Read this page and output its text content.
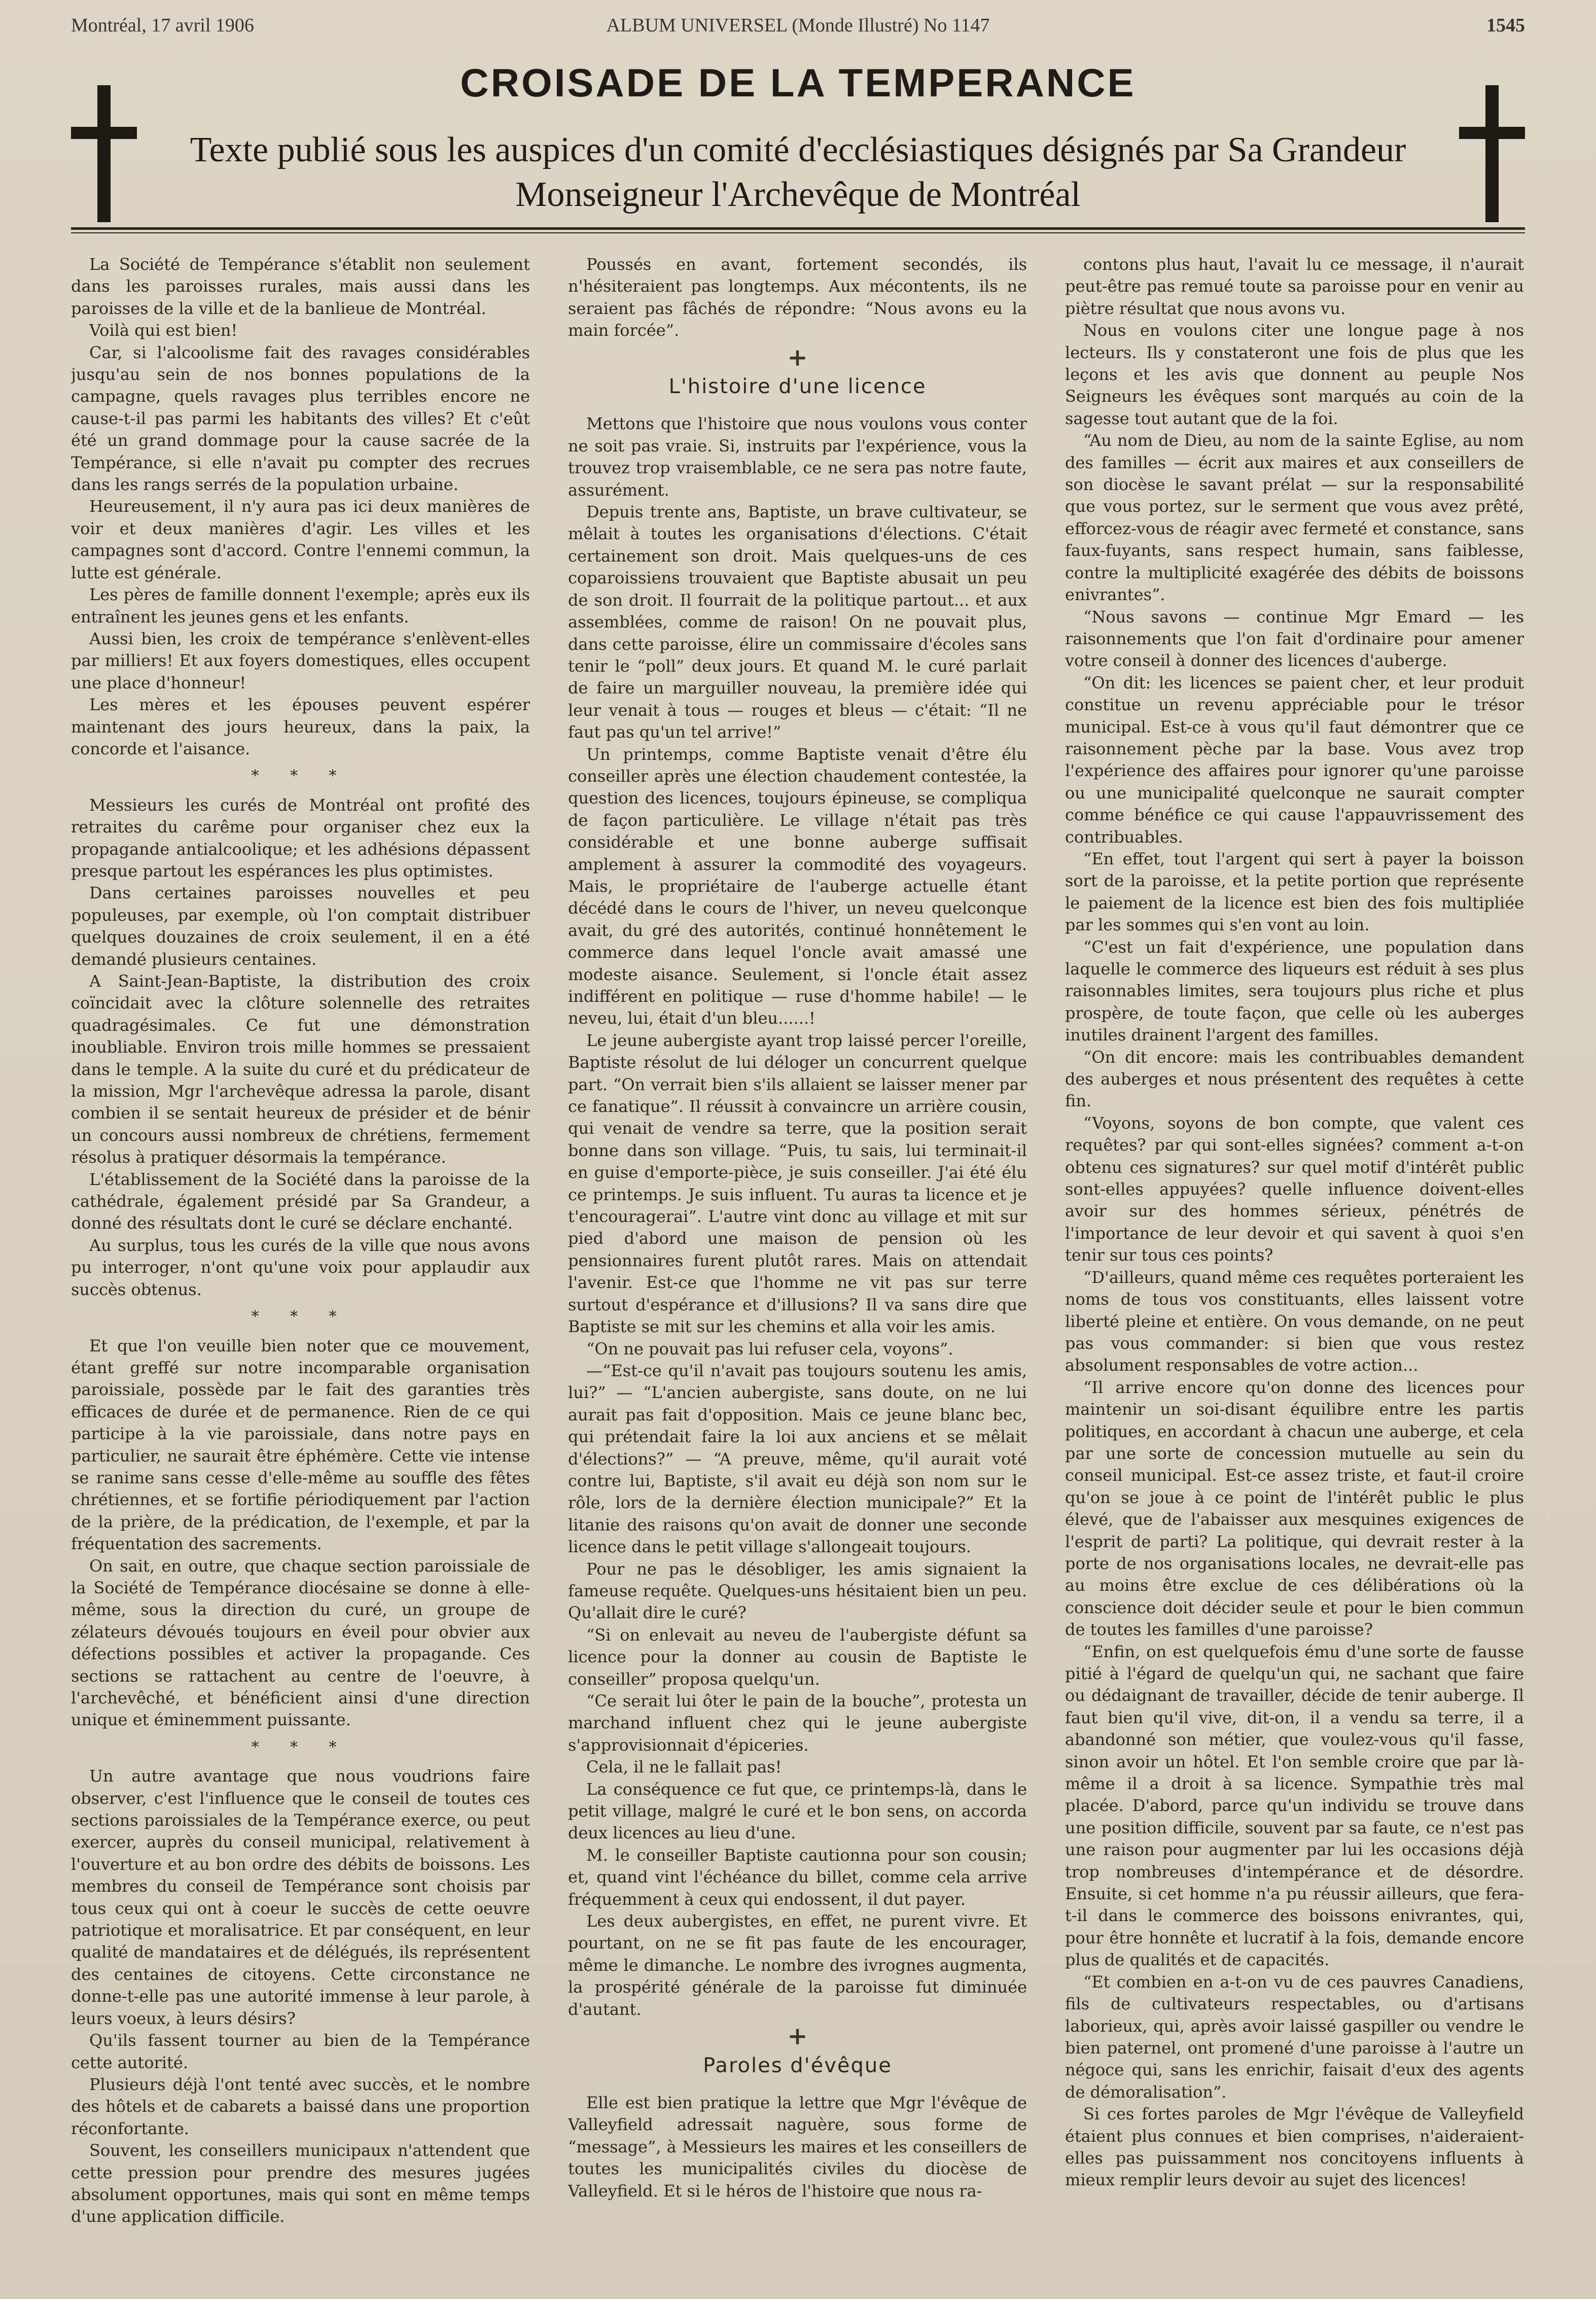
Montréal, 17 avril 1906	ALBUM UNIVERSEL (Monde Illustré) No 1147	1545
CROISADE DE LA TEMPERANCE
Texte publié sous les auspices d'un comité d'ecclésiastiques désignés par Sa Grandeur
Monseigneur l'Archevêque de Montréal

La Société de Tempérance s'établit non seulement dans les paroisses rurales, mais aussi dans les paroisses de la ville et de la banlieue de Montréal.

Voilà qui est bien!

Car, si l'alcoolisme fait des ravages considérables jusqu'au sein de nos bonnes populations de la campagne, quels ravages plus terribles encore ne cause-t-il pas parmi les habitants des villes? Et c'eût été un grand dommage pour la cause sacrée de la Tempérance, si elle n'avait pu compter des recrues dans les rangs serrés de la population urbaine.

Heureusement, il n'y aura pas ici deux manières de voir et deux manières d'agir. Les villes et les campagnes sont d'accord. Contre l'ennemi commun, la lutte est générale.

Les pères de famille donnent l'exemple; après eux ils entraînent les jeunes gens et les enfants.

Aussi bien, les croix de tempérance s'enlèvent-elles par milliers! Et aux foyers domestiques, elles occupent une place d'honneur!

Les mères et les épouses peuvent espérer maintenant des jours heureux, dans la paix, la concorde et l'aisance.

* * *

Messieurs les curés de Montréal ont profité des retraites du carême pour organiser chez eux la propagande antialcoolique; et les adhésions dépassent presque partout les espérances les plus optimistes.

Dans certaines paroisses nouvelles et peu populeuses, par exemple, où l'on comptait distribuer quelques douzaines de croix seulement, il en a été demandé plusieurs centaines.

A Saint-Jean-Baptiste, la distribution des croix coïncidait avec la clôture solennelle des retraites quadragésimales. Ce fut une démonstration inoubliable. Environ trois mille hommes se pressaient dans le temple. A la suite du curé et du prédicateur de la mission, Mgr l'archevêque adressa la parole, disant combien il se sentait heureux de présider et de bénir un concours aussi nombreux de chrétiens, fermement résolus à pratiquer désormais la tempérance.

L'établissement de la Société dans la paroisse de la cathédrale, également présidé par Sa Grandeur, a donné des résultats dont le curé se déclare enchanté.

Au surplus, tous les curés de la ville que nous avons pu interroger, n'ont qu'une voix pour applaudir aux succès obtenus.

* * *

Et que l'on veuille bien noter que ce mouvement, étant greffé sur notre incomparable organisation paroissiale, possède par le fait des garanties très efficaces de durée et de permanence. Rien de ce qui participe à la vie paroissiale, dans notre pays en particulier, ne saurait être éphémère. Cette vie intense se ranime sans cesse d'elle-même au souffle des fêtes chrétiennes, et se fortifie périodiquement par l'action de la prière, de la prédication, de l'exemple, et par la fréquentation des sacrements.

On sait, en outre, que chaque section paroissiale de la Société de Tempérance diocésaine se donne à elle-même, sous la direction du curé, un groupe de zélateurs dévoués toujours en éveil pour obvier aux défections possibles et activer la propagande. Ces sections se rattachent au centre de l'oeuvre, à l'archevêché, et bénéficient ainsi d'une direction unique et éminemment puissante.

* * *

Un autre avantage que nous voudrions faire observer, c'est l'influence que le conseil de toutes ces sections paroissiales de la Tempérance exerce, ou peut exercer, auprès du conseil municipal, relativement à l'ouverture et au bon ordre des débits de boissons. Les membres du conseil de Tempérance sont choisis par tous ceux qui ont à coeur le succès de cette oeuvre patriotique et moralisatrice. Et par conséquent, en leur qualité de mandataires et de délégués, ils représentent des centaines de citoyens. Cette circonstance ne donne-t-elle pas une autorité immense à leur parole, à leurs voeux, à leurs désirs?

Qu'ils fassent tourner au bien de la Tempérance cette autorité.

Plusieurs déjà l'ont tenté avec succès, et le nombre des hôtels et de cabarets a baissé dans une proportion réconfortante.

Souvent, les conseillers municipaux n'attendent que cette pression pour prendre des mesures jugées absolument opportunes, mais qui sont en même temps d'une application difficile.

Poussés en avant, fortement secondés, ils n'hésiteraient pas longtemps. Aux mécontents, ils ne seraient pas fâchés de répondre: “Nous avons eu la main forcée”.

+
L'histoire d'une licence

Mettons que l'histoire que nous voulons vous conter ne soit pas vraie. Si, instruits par l'expérience, vous la trouvez trop vraisemblable, ce ne sera pas notre faute, assurément.

Depuis trente ans, Baptiste, un brave cultivateur, se mêlait à toutes les organisations d'élections. C'était certainement son droit. Mais quelques-uns de ces coparoissiens trouvaient que Baptiste abusait un peu de son droit. Il fourrait de la politique partout... et aux assemblées, comme de raison! On ne pouvait plus, dans cette paroisse, élire un commissaire d'écoles sans tenir le “poll” deux jours. Et quand M. le curé parlait de faire un marguiller nouveau, la première idée qui leur venait à tous — rouges et bleus — c'était: “Il ne faut pas qu'un tel arrive!”

Un printemps, comme Baptiste venait d'être élu conseiller après une élection chaudement contestée, la question des licences, toujours épineuse, se compliqua de façon particulière. Le village n'était pas très considérable et une bonne auberge suffisait amplement à assurer la commodité des voyageurs. Mais, le propriétaire de l'auberge actuelle étant décédé dans le cours de l'hiver, un neveu quelconque avait, du gré des autorités, continué honnêtement le commerce dans lequel l'oncle avait amassé une modeste aisance. Seulement, si l'oncle était assez indifférent en politique — ruse d'homme habile! — le neveu, lui, était d'un bleu......!

Le jeune aubergiste ayant trop laissé percer l'oreille, Baptiste résolut de lui déloger un concurrent quelque part. “On verrait bien s'ils allaient se laisser mener par ce fanatique”. Il réussit à convaincre un arrière cousin, qui venait de vendre sa terre, que la position serait bonne dans son village. “Puis, tu sais, lui terminait-il en guise d'emporte-pièce, je suis conseiller. J'ai été élu ce printemps. Je suis influent. Tu auras ta licence et je t'encouragerai”. L'autre vint donc au village et mit sur pied d'abord une maison de pension où les pensionnaires furent plutôt rares. Mais on attendait l'avenir. Est-ce que l'homme ne vit pas sur terre surtout d'espérance et d'illusions? Il va sans dire que Baptiste se mit sur les chemins et alla voir les amis.

“On ne pouvait pas lui refuser cela, voyons”.

—“Est-ce qu'il n'avait pas toujours soutenu les amis, lui?” — “L'ancien aubergiste, sans doute, on ne lui aurait pas fait d'opposition. Mais ce jeune blanc bec, qui prétendait faire la loi aux anciens et se mêlait d'élections?” — “A preuve, même, qu'il aurait voté contre lui, Baptiste, s'il avait eu déjà son nom sur le rôle, lors de la dernière élection municipale?” Et la litanie des raisons qu'on avait de donner une seconde licence dans le petit village s'allongeait toujours.

Pour ne pas le désobliger, les amis signaient la fameuse requête. Quelques-uns hésitaient bien un peu. Qu'allait dire le curé?

“Si on enlevait au neveu de l'aubergiste défunt sa licence pour la donner au cousin de Baptiste le conseiller” proposa quelqu'un.

“Ce serait lui ôter le pain de la bouche”, protesta un marchand influent chez qui le jeune aubergiste s'approvisionnait d'épiceries.

Cela, il ne le fallait pas!

La conséquence ce fut que, ce printemps-là, dans le petit village, malgré le curé et le bon sens, on accorda deux licences au lieu d'une.

M. le conseiller Baptiste cautionna pour son cousin; et, quand vint l'échéance du billet, comme cela arrive fréquemment à ceux qui endossent, il dut payer.

Les deux aubergistes, en effet, ne purent vivre. Et pourtant, on ne se fit pas faute de les encourager, même le dimanche. Le nombre des ivrognes augmenta, la prospérité générale de la paroisse fut diminuée d'autant.

+
Paroles d'évêque

Elle est bien pratique la lettre que Mgr l'évêque de Valleyfield adressait naguère, sous forme de “message”, à Messieurs les maires et les conseillers de toutes les municipalités civiles du diocèse de Valleyfield. Et si le héros de l'histoire que nous ra-

contons plus haut, l'avait lu ce message, il n'aurait peut-être pas remué toute sa paroisse pour en venir au piètre résultat que nous avons vu.

Nous en voulons citer une longue page à nos lecteurs. Ils y constateront une fois de plus que les leçons et les avis que donnent au peuple Nos Seigneurs les évêques sont marqués au coin de la sagesse tout autant que de la foi.

“Au nom de Dieu, au nom de la sainte Eglise, au nom des familles — écrit aux maires et aux conseillers de son diocèse le savant prélat — sur la responsabilité que vous portez, sur le serment que vous avez prêté, efforcez-vous de réagir avec fermeté et constance, sans faux-fuyants, sans respect humain, sans faiblesse, contre la multiplicité exagérée des débits de boissons enivrantes”.

“Nous savons — continue Mgr Emard — les raisonnements que l'on fait d'ordinaire pour amener votre conseil à donner des licences d'auberge.

“On dit: les licences se paient cher, et leur produit constitue un revenu appréciable pour le trésor municipal. Est-ce à vous qu'il faut démontrer que ce raisonnement pèche par la base. Vous avez trop l'expérience des affaires pour ignorer qu'une paroisse ou une municipalité quelconque ne saurait compter comme bénéfice ce qui cause l'appauvrissement des contribuables.

“En effet, tout l'argent qui sert à payer la boisson sort de la paroisse, et la petite portion que représente le paiement de la licence est bien des fois multipliée par les sommes qui s'en vont au loin.

“C'est un fait d'expérience, une population dans laquelle le commerce des liqueurs est réduit à ses plus raisonnables limites, sera toujours plus riche et plus prospère, de toute façon, que celle où les auberges inutiles drainent l'argent des familles.

“On dit encore: mais les contribuables demandent des auberges et nous présentent des requêtes à cette fin.

“Voyons, soyons de bon compte, que valent ces requêtes? par qui sont-elles signées? comment a-t-on obtenu ces signatures? sur quel motif d'intérêt public sont-elles appuyées? quelle influence doivent-elles avoir sur des hommes sérieux, pénétrés de l'importance de leur devoir et qui savent à quoi s'en tenir sur tous ces points?

“D'ailleurs, quand même ces requêtes porteraient les noms de tous vos constituants, elles laissent votre liberté pleine et entière. On vous demande, on ne peut pas vous commander: si bien que vous restez absolument responsables de votre action...

“Il arrive encore qu'on donne des licences pour maintenir un soi-disant équilibre entre les partis politiques, en accordant à chacun une auberge, et cela par une sorte de concession mutuelle au sein du conseil municipal. Est-ce assez triste, et faut-il croire qu'on se joue à ce point de l'intérêt public le plus élevé, que de l'abaisser aux mesquines exigences de l'esprit de parti? La politique, qui devrait rester à la porte de nos organisations locales, ne devrait-elle pas au moins être exclue de ces délibérations où la conscience doit décider seule et pour le bien commun de toutes les familles d'une paroisse?

“Enfin, on est quelquefois ému d'une sorte de fausse pitié à l'égard de quelqu'un qui, ne sachant que faire ou dédaignant de travailler, décide de tenir auberge. Il faut bien qu'il vive, dit-on, il a vendu sa terre, il a abandonné son métier, que voulez-vous qu'il fasse, sinon avoir un hôtel. Et l'on semble croire que par là-même il a droit à sa licence. Sympathie très mal placée. D'abord, parce qu'un individu se trouve dans une position difficile, souvent par sa faute, ce n'est pas une raison pour augmenter par lui les occasions déjà trop nombreuses d'intempérance et de désordre. Ensuite, si cet homme n'a pu réussir ailleurs, que fera-t-il dans le commerce des boissons enivrantes, qui, pour être honnête et lucratif à la fois, demande encore plus de qualités et de capacités.

“Et combien en a-t-on vu de ces pauvres Canadiens, fils de cultivateurs respectables, ou d'artisans laborieux, qui, après avoir laissé gaspiller ou vendre le bien paternel, ont promené d'une paroisse à l'autre un négoce qui, sans les enrichir, faisait d'eux des agents de démoralisation”.

Si ces fortes paroles de Mgr l'évêque de Valleyfield étaient plus connues et bien comprises, n'aideraient-elles pas puissamment nos concitoyens influents à mieux remplir leurs devoir au sujet des licences!
